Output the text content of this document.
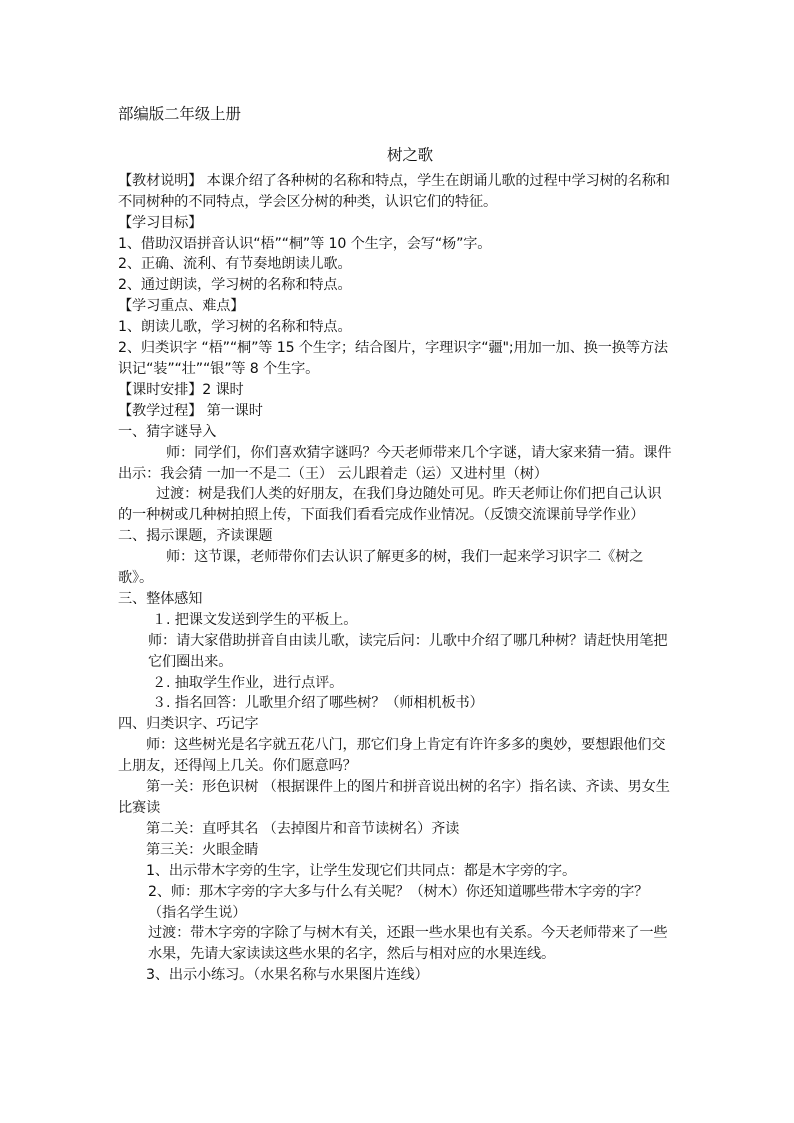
部编版二年级上册

树之歌

【教材说明】 本课介绍了各种树的名称和特点，学生在朗诵儿歌的过程中学习树的名称和不同树种的不同特点，学会区分树的种类，认识它们的特征。

【学习目标】

1、借助汉语拼音认识“梧”“桐”等 10 个生字，会写“杨”字。

2、正确、流利、有节奏地朗读儿歌。

2、通过朗读，学习树的名称和特点。

【学习重点、难点】

1、朗读儿歌，学习树的名称和特点。

2、归类识字 “梧”“桐”等 15 个生字；结合图片，字理识字“疆";用加一加、换一换等方法识记“装”“壮”“银”等 8 个生字。

【课时安排】2 课时

【教学过程】 第一课时

一、猜字谜导入

师：同学们，你们喜欢猜字谜吗？今天老师带来几个字谜，请大家来猜一猜。课件出示：我会猜 一加一不是二（王） 云儿跟着走（运）又进村里（树）

过渡：树是我们人类的好朋友，在我们身边随处可见。昨天老师让你们把自己认识的一种树或几种树拍照上传，下面我们看看完成作业情况。（反馈交流课前导学作业）

二、揭示课题，齐读课题

师：这节课，老师带你们去认识了解更多的树，我们一起来学习识字二《树之歌》。

三、整体感知

１. 把课文发送到学生的平板上。

师：请大家借助拼音自由读儿歌，读完后问：儿歌中介绍了哪几种树？请赶快用笔把它们圈出来。

２. 抽取学生作业，进行点评。

３. 指名回答：儿歌里介绍了哪些树？（师相机板书）

四、归类识字、巧记字

师：这些树光是名字就五花八门，那它们身上肯定有许许多多的奥妙，要想跟他们交上朋友，还得闯上几关。你们愿意吗？

第一关：形色识树 （根据课件上的图片和拼音说出树的名字）指名读、齐读、男女生比赛读

第二关：直呼其名 （去掉图片和音节读树名）齐读

第三关：火眼金睛

1、出示带木字旁的生字，让学生发现它们共同点：都是木字旁的字。

2、师：那木字旁的字大多与什么有关呢？（树木）你还知道哪些带木字旁的字？（指名学生说）

过渡：带木字旁的字除了与树木有关，还跟一些水果也有关系。今天老师带来了一些水果，先请大家读读这些水果的名字，然后与相对应的水果连线。

3、出示小练习。（水果名称与水果图片连线）
